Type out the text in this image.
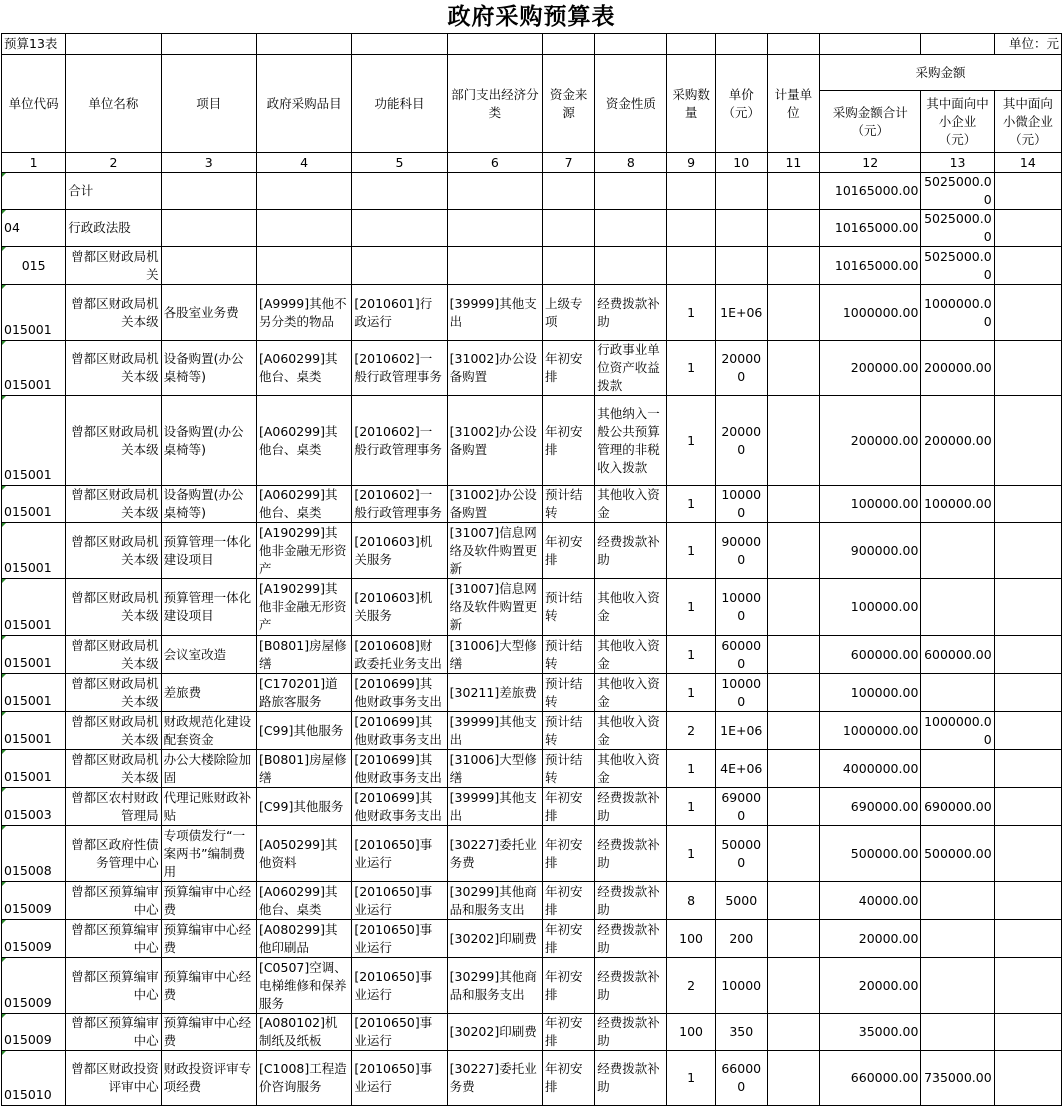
政府采购预算表
预算13表													单位：元
单位代码	单位名称	项目	政府采购品目	功能科目	部门支出经济分类	资金来源	资金性质	采购数量	单价（元）	计量单位	采购金额		
											采购金额合计（元）	其中面向中小企业（元）	其中面向小微企业（元）
1	2	3	4	5	6	7	8	9	10	11	12	13	14
	合计										10165000.00	5025000.00	
04	行政政法股										10165000.00	5025000.00	
015	曾都区财政局机关										10165000.00	5025000.00	
015001	曾都区财政局机关本级	各股室业务费	[A9999]其他不另分类的物品	[2010601]行政运行	[39999]其他支出	上级专项	经费拨款补助	1	1E+06		1000000.00	1000000.00	
015001	曾都区财政局机关本级	设备购置(办公桌椅等)	[A060299]其他台、桌类	[2010602]一般行政管理事务	[31002]办公设备购置	年初安排	行政事业单位资产收益拨款	1	200000		200000.00	200000.00	
015001	曾都区财政局机关本级	设备购置(办公桌椅等)	[A060299]其他台、桌类	[2010602]一般行政管理事务	[31002]办公设备购置	年初安排	其他纳入一般公共预算管理的非税收入拨款	1	200000		200000.00	200000.00	
015001	曾都区财政局机关本级	设备购置(办公桌椅等)	[A060299]其他台、桌类	[2010602]一般行政管理事务	[31002]办公设备购置	预计结转	其他收入资金	1	100000		100000.00	100000.00	
015001	曾都区财政局机关本级	预算管理一体化建设项目	[A190299]其他非金融无形资产	[2010603]机关服务	[31007]信息网络及软件购置更新	年初安排	经费拨款补助	1	900000		900000.00		
015001	曾都区财政局机关本级	预算管理一体化建设项目	[A190299]其他非金融无形资产	[2010603]机关服务	[31007]信息网络及软件购置更新	预计结转	其他收入资金	1	100000		100000.00		
015001	曾都区财政局机关本级	会议室改造	[B0801]房屋修缮	[2010608]财政委托业务支出	[31006]大型修缮	预计结转	其他收入资金	1	600000		600000.00	600000.00	
015001	曾都区财政局机关本级	差旅费	[C170201]道路旅客服务	[2010699]其他财政事务支出	[30211]差旅费	预计结转	其他收入资金	1	100000		100000.00		
015001	曾都区财政局机关本级	财政规范化建设配套资金	[C99]其他服务	[2010699]其他财政事务支出	[39999]其他支出	预计结转	其他收入资金	2	1E+06		1000000.00	1000000.00	
015001	曾都区财政局机关本级	办公大楼除险加固	[B0801]房屋修缮	[2010699]其他财政事务支出	[31006]大型修缮	预计结转	其他收入资金	1	4E+06		4000000.00		
015003	曾都区农村财政管理局	代理记账财政补贴	[C99]其他服务	[2010699]其他财政事务支出	[39999]其他支出	年初安排	经费拨款补助	1	690000		690000.00	690000.00	
015008	曾都区政府性债务管理中心	专项债发行“一案两书”编制费用	[A050299]其他资料	[2010650]事业运行	[30227]委托业务费	年初安排	经费拨款补助	1	500000		500000.00	500000.00	
015009	曾都区预算编审中心	预算编审中心经费	[A060299]其他台、桌类	[2010650]事业运行	[30299]其他商品和服务支出	年初安排	经费拨款补助	8	5000		40000.00		
015009	曾都区预算编审中心	预算编审中心经费	[A080299]其他印刷品	[2010650]事业运行	[30202]印刷费	年初安排	经费拨款补助	100	200		20000.00		
015009	曾都区预算编审中心	预算编审中心经费	[C0507]空调、电梯维修和保养服务	[2010650]事业运行	[30299]其他商品和服务支出	年初安排	经费拨款补助	2	10000		20000.00		
015009	曾都区预算编审中心	预算编审中心经费	[A080102]机制纸及纸板	[2010650]事业运行	[30202]印刷费	年初安排	经费拨款补助	100	350		35000.00		
015010	曾都区财政投资评审中心	财政投资评审专项经费	[C1008]工程造价咨询服务	[2010650]事业运行	[30227]委托业务费	年初安排	经费拨款补助	1	660000		660000.00	735000.00	
